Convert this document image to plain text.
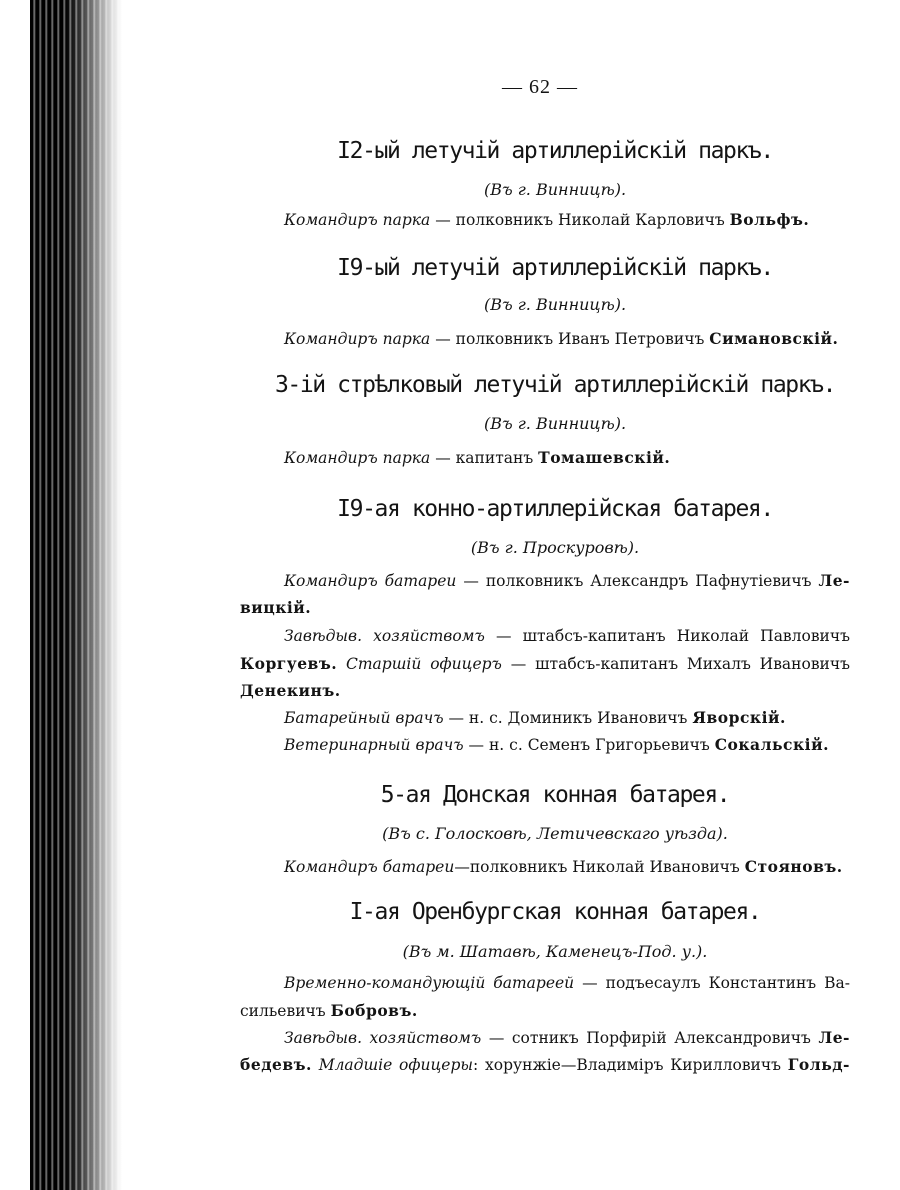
— 62 —
I2-ый летучій артиллерійскій паркъ.
(Въ г. Винницѣ).
Командиръ парка — полковникъ Николай Карловичъ Вольфъ.
I9-ый летучій артиллерійскій паркъ.
(Въ г. Винницѣ).
Командиръ парка — полковникъ Иванъ Петровичъ Симановскій.
3-ій стрѣлковый летучій артиллерійскій паркъ.
(Въ г. Винницѣ).
Командиръ парка — капитанъ Томашевскій.
I9-ая конно-артиллерійская батарея.
(Въ г. Проскуровѣ).
Командиръ батареи — полковникъ Александръ Пафнутіевичъ Ле-
вицкій.
Завѣдыв. хозяйствомъ — штабсъ-капитанъ Николай Павловичъ
Коргуевъ. Старшій офицеръ — штабсъ-капитанъ Михалъ Ивановичъ
Денекинъ.
Батарейный врачъ — н. с. Доминикъ Ивановичъ Яворскій.
Ветеринарный врачъ — н. с. Семенъ Григорьевичъ Сокальскій.
5-ая Донская конная батарея.
(Въ с. Голосковѣ, Летичевскаго уѣзда).
Командиръ батареи—полковникъ Николай Ивановичъ Стояновъ.
I-ая Оренбургская конная батарея.
(Въ м. Шатавѣ, Каменецъ-Под. у.).
Временно-командующій батареей — подъесаулъ Константинъ Ва-
сильевичъ Бобровъ.
Завѣдыв. хозяйствомъ — сотникъ Порфирій Александровичъ Ле-
бедевъ. Младшіе офицеры: хорунжіе—Владиміръ Кирилловичъ Гольд-
